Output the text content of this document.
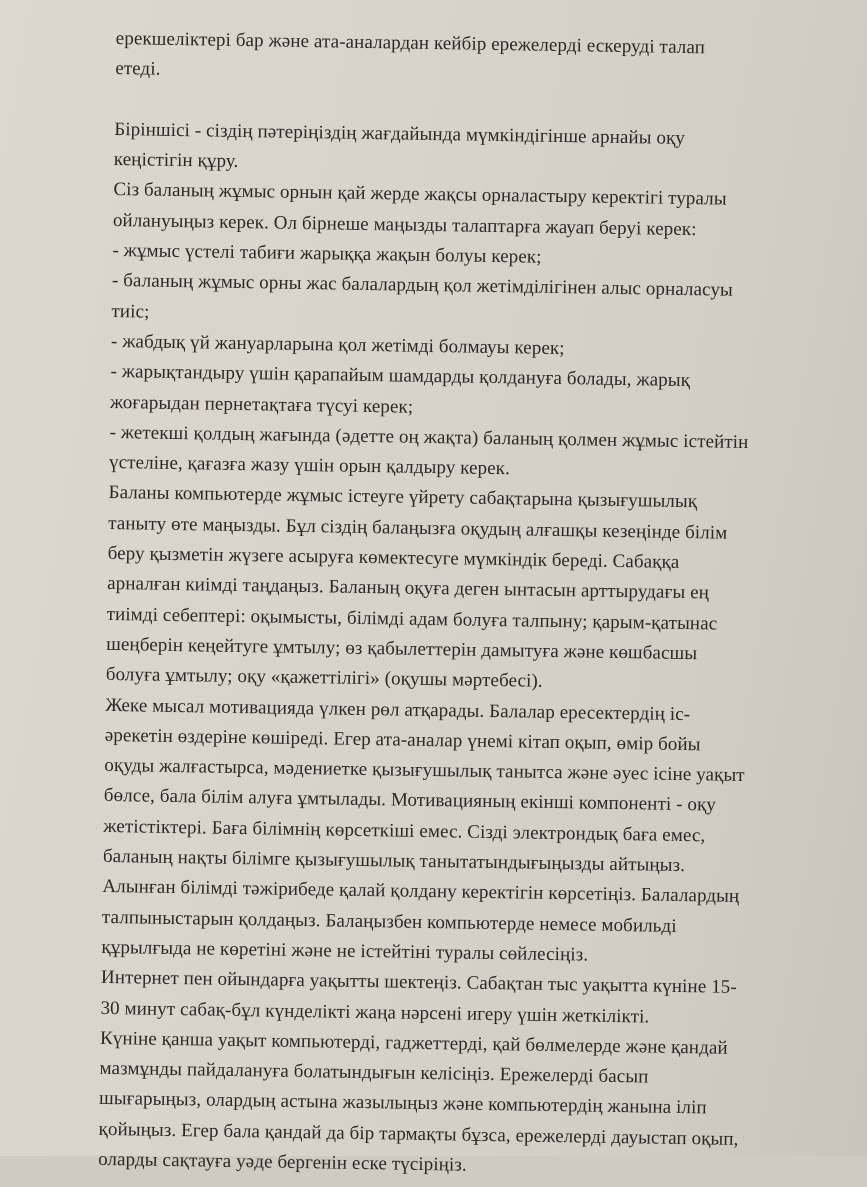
ерекшеліктері бар және ата-аналардан кейбір ережелерді ескеруді талап
етеді.
Біріншісі - сіздің пәтеріңіздің жағдайында мүмкіндігінше арнайы оқу
кеңістігін құру.
Сіз баланың жұмыс орнын қай жерде жақсы орналастыру керектігі туралы
ойлануыңыз керек. Ол бірнеше маңызды талаптарға жауап беруі керек:
- жұмыс үстелі табиғи жарыққа жақын болуы керек;
- баланың жұмыс орны жас балалардың қол жетімділігінен алыс орналасуы
тиіс;
- жабдық үй жануарларына қол жетімді болмауы керек;
- жарықтандыру үшін қарапайым шамдарды қолдануға болады, жарық
жоғарыдан пернетақтаға түсуі керек;
- жетекші қолдың жағында (әдетте оң жақта) баланың қолмен жұмыс істейтін
үстеліне, қағазға жазу үшін орын қалдыру керек.
Баланы компьютерде жұмыс істеуге үйрету сабақтарына қызығушылық
таныту өте маңызды. Бұл сіздің балаңызға оқудың алғашқы кезеңінде білім
беру қызметін жүзеге асыруға көмектесуге мүмкіндік береді. Сабаққа
арналған киімді таңдаңыз. Баланың оқуға деген ынтасын арттырудағы ең
тиімді себептері: оқымысты, білімді адам болуға талпыну; қарым-қатынас
шеңберін кеңейтуге ұмтылу; өз қабылеттерін дамытуға және көшбасшы
болуға ұмтылу; оқу «қажеттілігі» (оқушы мәртебесі).
Жеке мысал мотивацияда үлкен рөл атқарады. Балалар ересектердің іс-
әрекетін өздеріне көшіреді. Егер ата-аналар үнемі кітап оқып, өмір бойы
оқуды жалғастырса, мәдениетке қызығушылық танытса және әуес ісіне уақыт
бөлсе, бала білім алуға ұмтылады. Мотивацияның екінші компоненті - оқу
жетістіктері. Баға білімнің көрсеткіші емес. Сізді электрондық баға емес,
баланың нақты білімге қызығушылық танытатындығыңызды айтыңыз.
Алынған білімді тәжірибеде қалай қолдану керектігін көрсетіңіз. Балалардың
талпыныстарын қолдаңыз. Балаңызбен компьютерде немесе мобильді
құрылғыда не көретіні және не істейтіні туралы сөйлесіңіз.
Интернет пен ойындарға уақытты шектеңіз. Сабақтан тыс уақытта күніне 15-
30 минут сабақ-бұл күнделікті жаңа нәрсені игеру үшін жеткілікті.
Күніне қанша уақыт компьютерді, гаджеттерді, қай бөлмелерде және қандай
мазмұнды пайдалануға болатындығын келісіңіз. Ережелерді басып
шығарыңыз, олардың астына жазылыңыз және компьютердің жанына іліп
қойыңыз. Егер бала қандай да бір тармақты бұзса, ережелерді дауыстап оқып,
оларды сақтауға уәде бергенін еске түсіріңіз.
